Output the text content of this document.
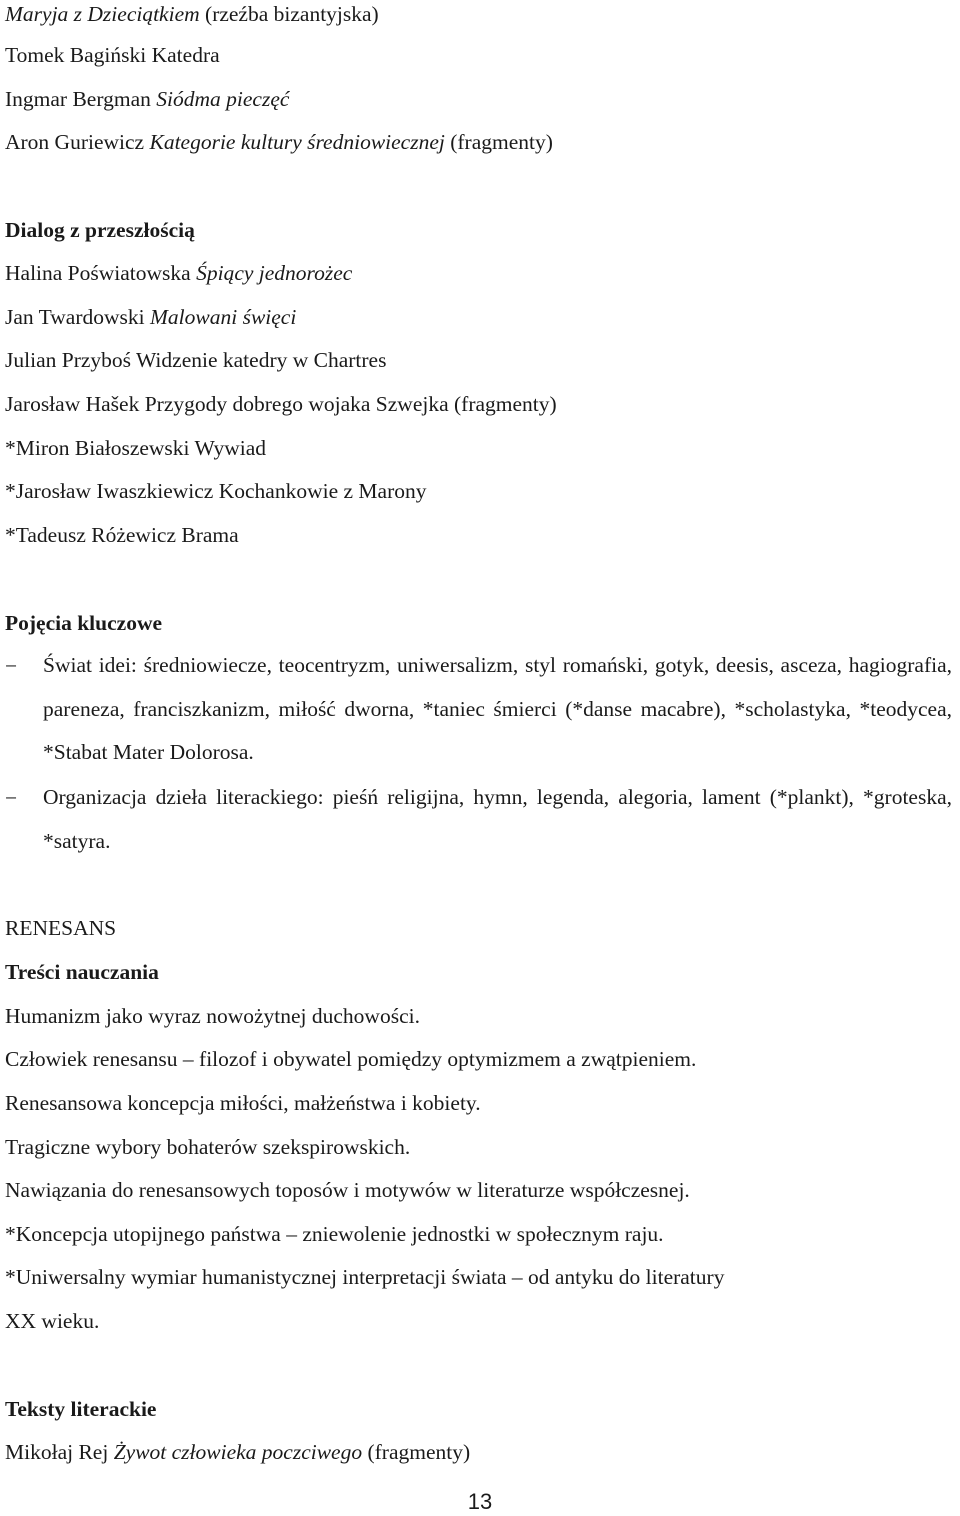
Maryja z Dzieciątkiem (rzeźba bizantyjska)
Tomek Bagiński Katedra
Ingmar Bergman Siódma pieczęć
Aron Guriewicz Kategorie kultury średniowiecznej (fragmenty)
Dialog z przeszłością
Halina Poświatowska Śpiący jednorożec
Jan Twardowski Malowani święci
Julian Przyboś Widzenie katedry w Chartres
Jarosław Hašek Przygody dobrego wojaka Szwejka (fragmenty)
*Miron Białoszewski Wywiad
*Jarosław Iwaszkiewicz Kochankowie z Marony
*Tadeusz Różewicz Brama
Pojęcia kluczowe
− Świat idei: średniowiecze, teocentryzm, uniwersalizm, styl romański, gotyk, deesis, asceza, hagiografia, pareneza, franciszkanizm, miłość dworna, *taniec śmierci (*danse macabre), *scholastyka, *teodycea, *Stabat Mater Dolorosa.
− Organizacja dzieła literackiego: pieśń religijna, hymn, legenda, alegoria, lament (*plankt), *groteska, *satyra.
RENESANS
Treści nauczania
Humanizm jako wyraz nowożytnej duchowości.
Człowiek renesansu – filozof i obywatel pomiędzy optymizmem a zwątpieniem.
Renesansowa koncepcja miłości, małżeństwa i kobiety.
Tragiczne wybory bohaterów szekspirowskich.
Nawiązania do renesansowych toposów i motywów w literaturze współczesnej.
*Koncepcja utopijnego państwa – zniewolenie jednostki w społecznym raju.
*Uniwersalny wymiar humanistycznej interpretacji świata – od antyku do literatury
XX wieku.
Teksty literackie
Mikołaj Rej Żywot człowieka poczciwego (fragmenty)
13
